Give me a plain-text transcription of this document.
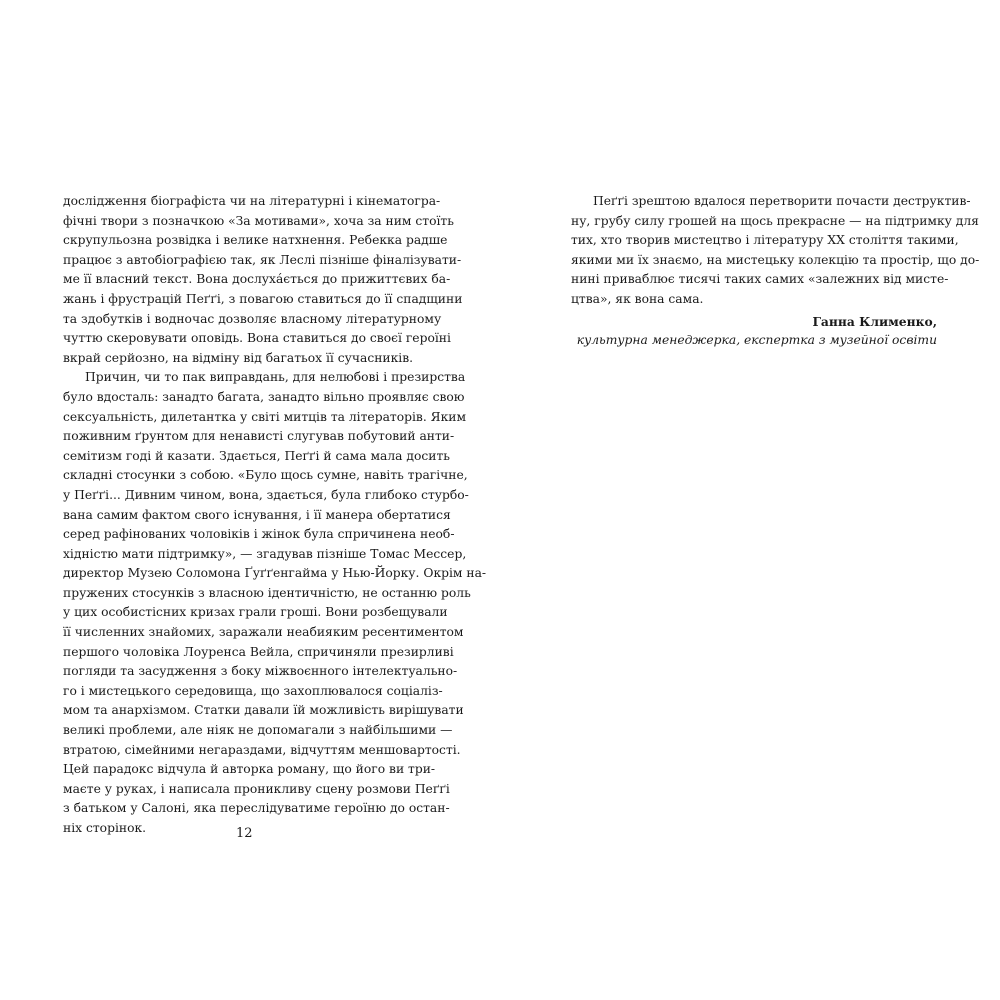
дослідження біографіста чи на літературні і кінематогра-
фічні твори з позначкою «За мотивами», хоча за ним стоїть
скрупульозна розвідка і велике натхнення. Ребекка радше
працює з автобіографією так, як Леслі пізніше фіналізувати-
ме її власний текст. Вона дослухáється до прижиттєвих ба-
жань і фрустрацій Пеґґі, з повагою ставиться до її спадщини
та здобутків і водночас дозволяє власному літературному
чуттю скеровувати оповідь. Вона ставиться до своєї героїні
вкрай серйозно, на відміну від багатьох її сучасників.
Причин, чи то пак виправдань, для нелюбові і презирства
було вдосталь: занадто багата, занадто вільно проявляє свою
сексуальність, дилетантка у світі митців та літераторів. Яким
поживним ґрунтом для ненависті слугував побутовий анти-
семітизм годі й казати. Здається, Пеґґі й сама мала досить
складні стосунки з собою. «Було щось сумне, навіть трагічне,
у Пеґґі... Дивним чином, вона, здається, була глибоко стурбо-
вана самим фактом свого існування, і її манера обертатися
серед рафінованих чоловіків і жінок була спричинена необ-
хідністю мати підтримку», — згадував пізніше Томас Мессер,
директор Музею Соломона Ґуґґенгайма у Нью-Йорку. Окрім на-
пружених стосунків з власною ідентичністю, не останню роль
у цих особистісних кризах грали гроші. Вони розбещували
її численних знайомих, заражали неабияким ресентиментом
першого чоловіка Лоуренса Вейла, спричиняли презирливі
погляди та засудження з боку міжвоєнного інтелектуально-
го і мистецького середовища, що захоплювалося соціаліз-
мом та анархізмом. Статки давали їй можливість вирішувати
великі проблеми, але ніяк не допомагали з найбільшими —
втратою, сімейними негараздами, відчуттям меншовартості.
Цей парадокс відчула й авторка роману, що його ви три-
маєте у руках, і написала проникливу сцену розмови Пеґґі
з батьком у Салоні, яка переслідуватиме героїню до остан-
ніх сторінок.	12
Пеґґі зрештою вдалося перетворити почасти деструктив-
ну, грубу силу грошей на щось прекрасне — на підтримку для
тих, хто творив мистецтво і літературу ХХ століття такими,
якими ми їх знаємо, на мистецьку колекцію та простір, що до-
нині приваблює тисячі таких самих «залежних від мисте-
цтва», як вона сама.
Ганна Клименко,
культурна менеджерка, експертка з музейної освіти
